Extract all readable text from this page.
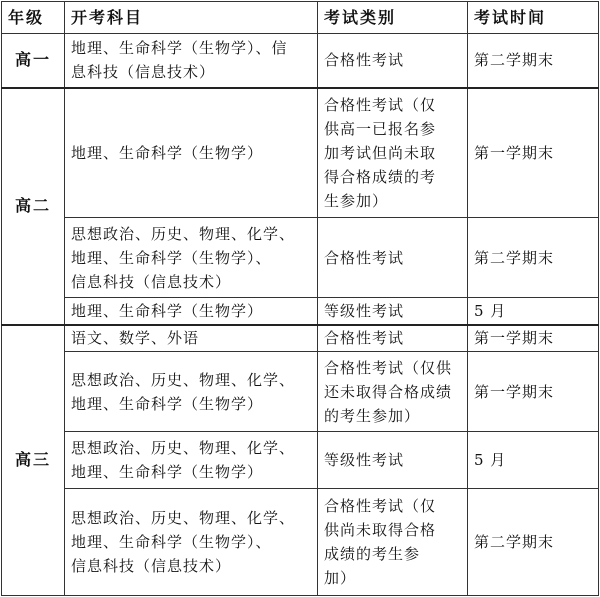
年级	开考科目	考试类别	考试时间
高一	地理、生命科学（生物学）、信
息科技（信息技术）	合格性考试	第二学期末
高二	地理、生命科学（生物学）	合格性考试（仅
供高一已报名参
加考试但尚未取
得合格成绩的考
生参加）	第一学期末
	思想政治、历史、物理、化学、
地理、生命科学（生物学）、
信息科技（信息技术）	合格性考试	第二学期末
	地理、生命科学（生物学）	等级性考试	5 月
高三	语文、数学、外语	合格性考试	第一学期末
	思想政治、历史、物理、化学、
地理、生命科学（生物学）	合格性考试（仅供
还未取得合格成绩
的考生参加）	第一学期末
	思想政治、历史、物理、化学、
地理、生命科学（生物学）	等级性考试	5 月
	思想政治、历史、物理、化学、
地理、生命科学（生物学）、
信息科技（信息技术）	合格性考试（仅
供尚未取得合格
成绩的考生参
加）	第二学期末
